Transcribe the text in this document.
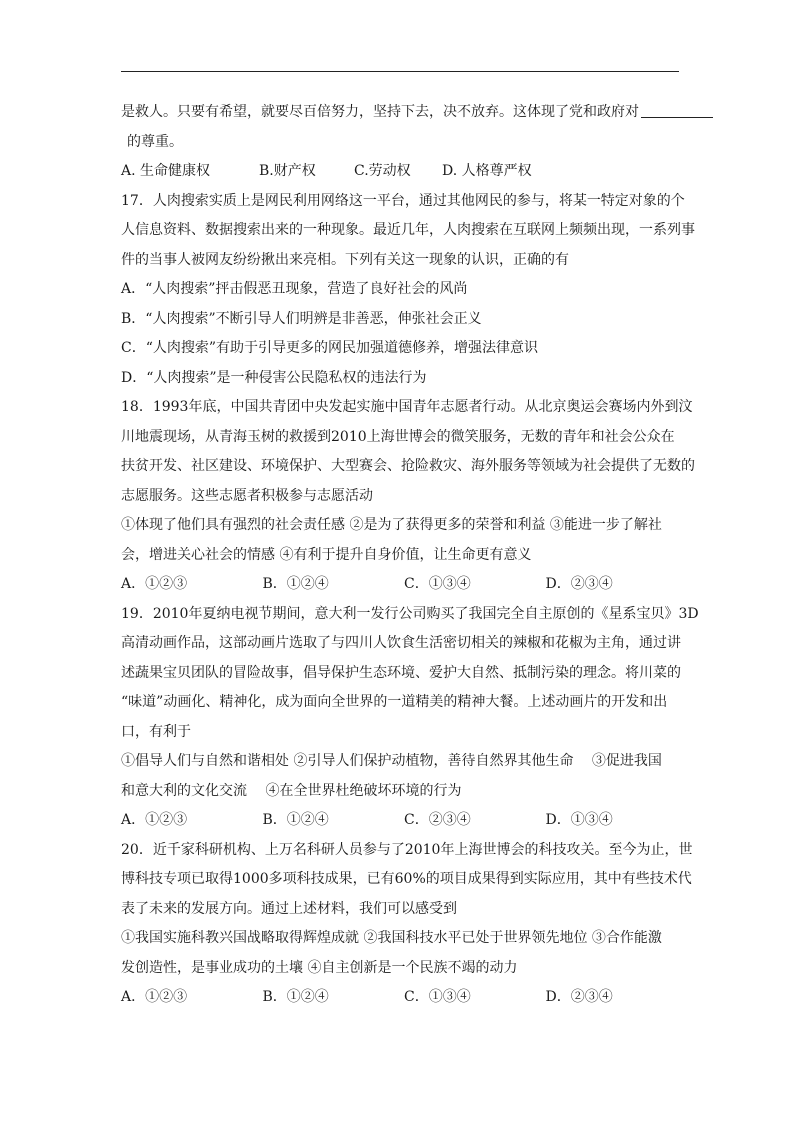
是救人。只要有希望，就要尽百倍努力，坚持下去，决不放弃。这体现了党和政府对
的尊重。
A. 生命健康权	B.财产权	C.劳动权	D. 人格尊严权
17．人肉搜索实质上是网民利用网络这一平台，通过其他网民的参与，将某一特定对象的个
人信息资料、数据搜索出来的一种现象。最近几年，人肉搜索在互联网上频频出现，一系列事
件的当事人被网友纷纷揪出来亮相。下列有关这一现象的认识，正确的有
A．“人肉搜索”抨击假恶丑现象，营造了良好社会的风尚
B．“人肉搜索”不断引导人们明辨是非善恶，伸张社会正义
C．“人肉搜索”有助于引导更多的网民加强道德修养，增强法律意识
D．“人肉搜索”是一种侵害公民隐私权的违法行为
18．1993年底，中国共青团中央发起实施中国青年志愿者行动。从北京奥运会赛场内外到汶
川地震现场，从青海玉树的救援到2010上海世博会的微笑服务，无数的青年和社会公众在
扶贫开发、社区建设、环境保护、大型赛会、抢险救灾、海外服务等领域为社会提供了无数的
志愿服务。这些志愿者积极参与志愿活动
①体现了他们具有强烈的社会责任感 ②是为了获得更多的荣誉和利益 ③能进一步了解社
会，增进关心社会的情感 ④有利于提升自身价值，让生命更有意义
A．①②③	B．①②④	C．①③④	D．②③④
19．2010年夏纳电视节期间，意大利一发行公司购买了我国完全自主原创的《星系宝贝》3D
高清动画作品，这部动画片选取了与四川人饮食生活密切相关的辣椒和花椒为主角，通过讲
述蔬果宝贝团队的冒险故事，倡导保护生态环境、爱护大自然、抵制污染的理念。将川菜的
“味道”动画化、精神化，成为面向全世界的一道精美的精神大餐。上述动画片的开发和出
口，有利于
①倡导人们与自然和谐相处 ②引导人们保护动植物，善待自然界其他生命　 ③促进我国
和意大利的文化交流　 ④在全世界杜绝破坏环境的行为
A．①②③	B．①②④	C．②③④	D．①③④
20．近千家科研机构、上万名科研人员参与了2010年上海世博会的科技攻关。至今为止，世
博科技专项已取得1000多项科技成果，已有60%的项目成果得到实际应用，其中有些技术代
表了未来的发展方向。通过上述材料，我们可以感受到
①我国实施科教兴国战略取得辉煌成就 ②我国科技水平已处于世界领先地位 ③合作能激
发创造性，是事业成功的土壤 ④自主创新是一个民族不竭的动力
A．①②③	B．①②④	C．①③④	D．②③④
